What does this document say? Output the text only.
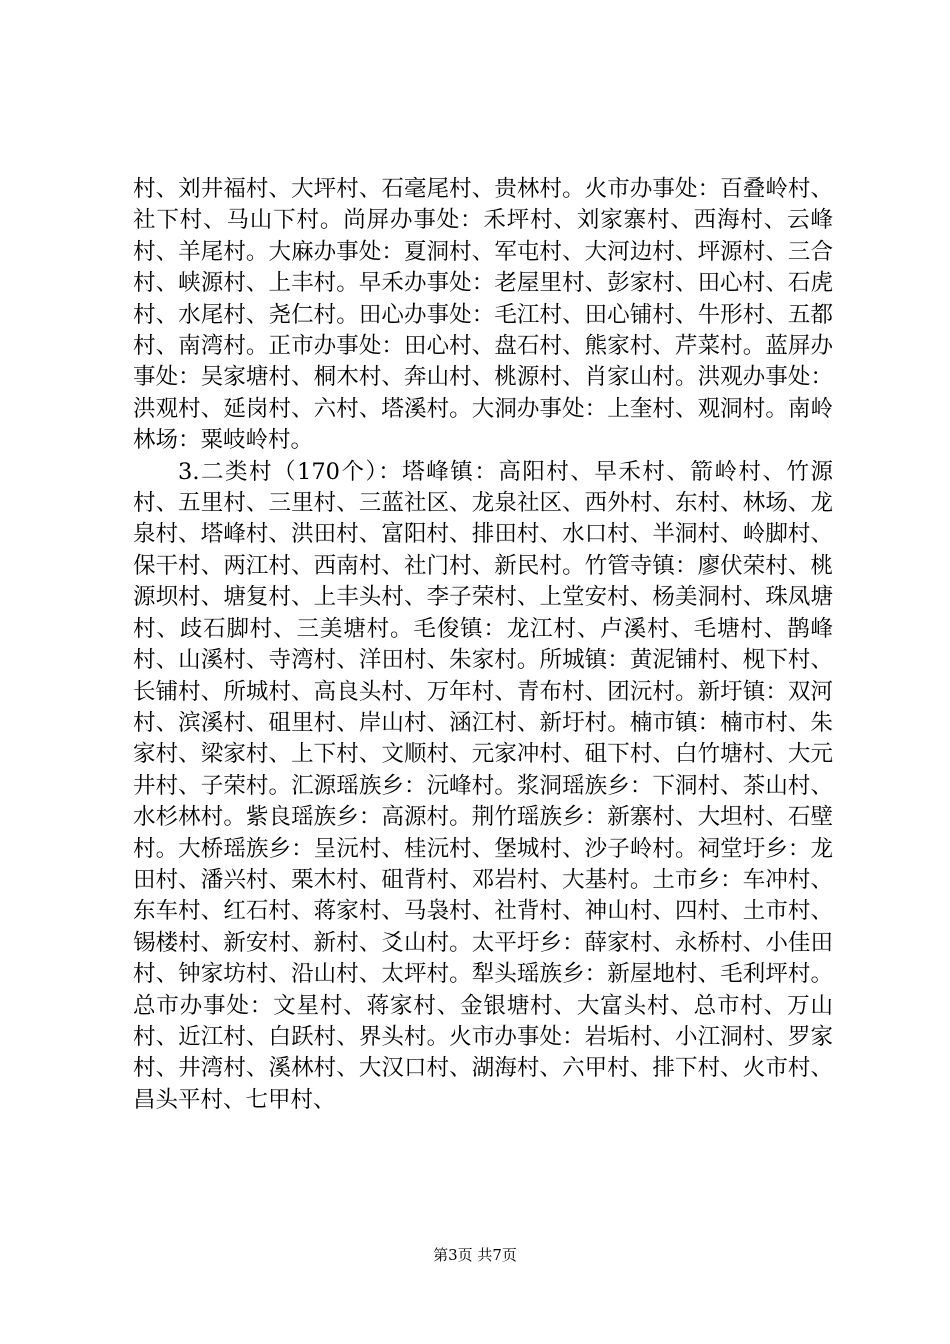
村、刘井福村、大坪村、石毫尾村、贵林村。火市办事处：百叠岭村、社下村、马山下村。尚屏办事处：禾坪村、刘家寨村、西海村、云峰村、羊尾村。大麻办事处：夏洞村、军屯村、大河边村、坪源村、三合村、峡源村、上丰村。早禾办事处：老屋里村、彭家村、田心村、石虎村、水尾村、尧仁村。田心办事处：毛江村、田心铺村、牛形村、五都村、南湾村。正市办事处：田心村、盘石村、熊家村、芹菜村。蓝屏办事处：吴家塘村、桐木村、奔山村、桃源村、肖家山村。洪观办事处：洪观村、延岗村、六村、塔溪村。大洞办事处：上奎村、观洞村。南岭林场：粟岐岭村。

3.二类村（170个）：塔峰镇：高阳村、早禾村、箭岭村、竹源村、五里村、三里村、三蓝社区、龙泉社区、西外村、东村、林场、龙泉村、塔峰村、洪田村、富阳村、排田村、水口村、半洞村、岭脚村、保干村、两江村、西南村、社门村、新民村。竹管寺镇：廖伏荣村、桃源坝村、塘复村、上丰头村、李子荣村、上堂安村、杨美洞村、珠凤塘村、歧石脚村、三美塘村。毛俊镇：龙江村、卢溪村、毛塘村、鹊峰村、山溪村、寺湾村、洋田村、朱家村。所城镇：黄泥铺村、枧下村、长铺村、所城村、高良头村、万年村、青布村、团沅村。新圩镇：双河村、滨溪村、砠里村、岸山村、涵江村、新圩村。楠市镇：楠市村、朱家村、梁家村、上下村、文顺村、元家冲村、砠下村、白竹塘村、大元井村、子荣村。汇源瑶族乡：沅峰村。浆洞瑶族乡：下洞村、茶山村、水杉林村。紫良瑶族乡：高源村。荆竹瑶族乡：新寨村、大坦村、石壁村。大桥瑶族乡：呈沅村、桂沅村、堡城村、沙子岭村。祠堂圩乡：龙田村、潘兴村、栗木村、砠背村、邓岩村、大基村。土市乡：车冲村、东车村、红石村、蒋家村、马袅村、社背村、神山村、四村、土市村、锡楼村、新安村、新村、爻山村。太平圩乡：薛家村、永桥村、小佳田村、钟家坊村、沿山村、太坪村。犁头瑶族乡：新屋地村、毛利坪村。总市办事处：文星村、蒋家村、金银塘村、大富头村、总市村、万山村、近江村、白跃村、界头村。火市办事处：岩垢村、小江洞村、罗家村、井湾村、溪林村、大汉口村、湖海村、六甲村、排下村、火市村、昌头平村、七甲村、

第3页 共7页
